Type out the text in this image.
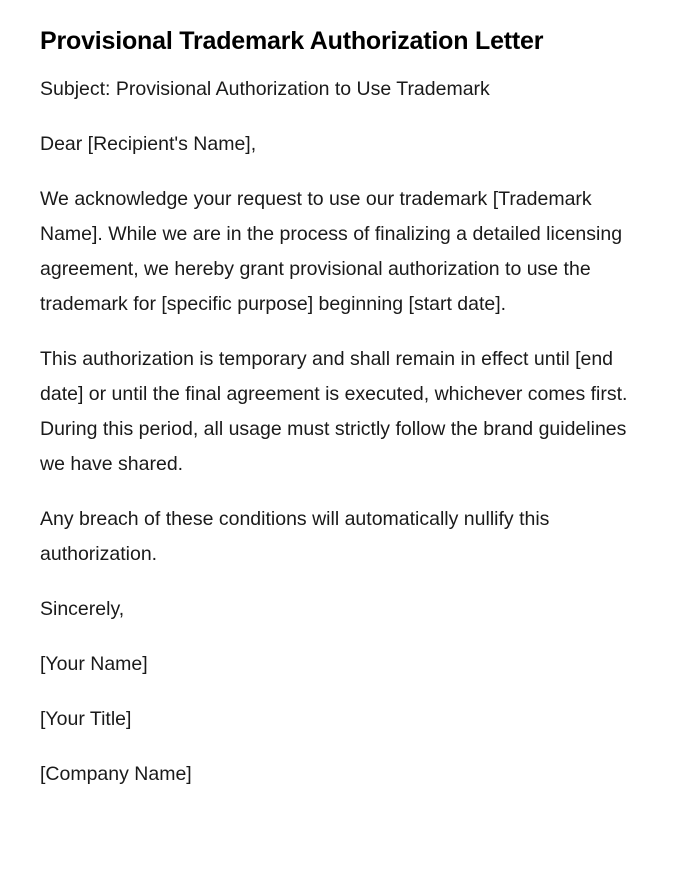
Provisional Trademark Authorization Letter

Subject: Provisional Authorization to Use Trademark

Dear [Recipient's Name],

We acknowledge your request to use our trademark [Trademark Name]. While we are in the process of finalizing a detailed licensing agreement, we hereby grant provisional authorization to use the trademark for [specific purpose] beginning [start date].

This authorization is temporary and shall remain in effect until [end date] or until the final agreement is executed, whichever comes first. During this period, all usage must strictly follow the brand guidelines we have shared.

Any breach of these conditions will automatically nullify this authorization.

Sincerely,

[Your Name]

[Your Title]

[Company Name]
